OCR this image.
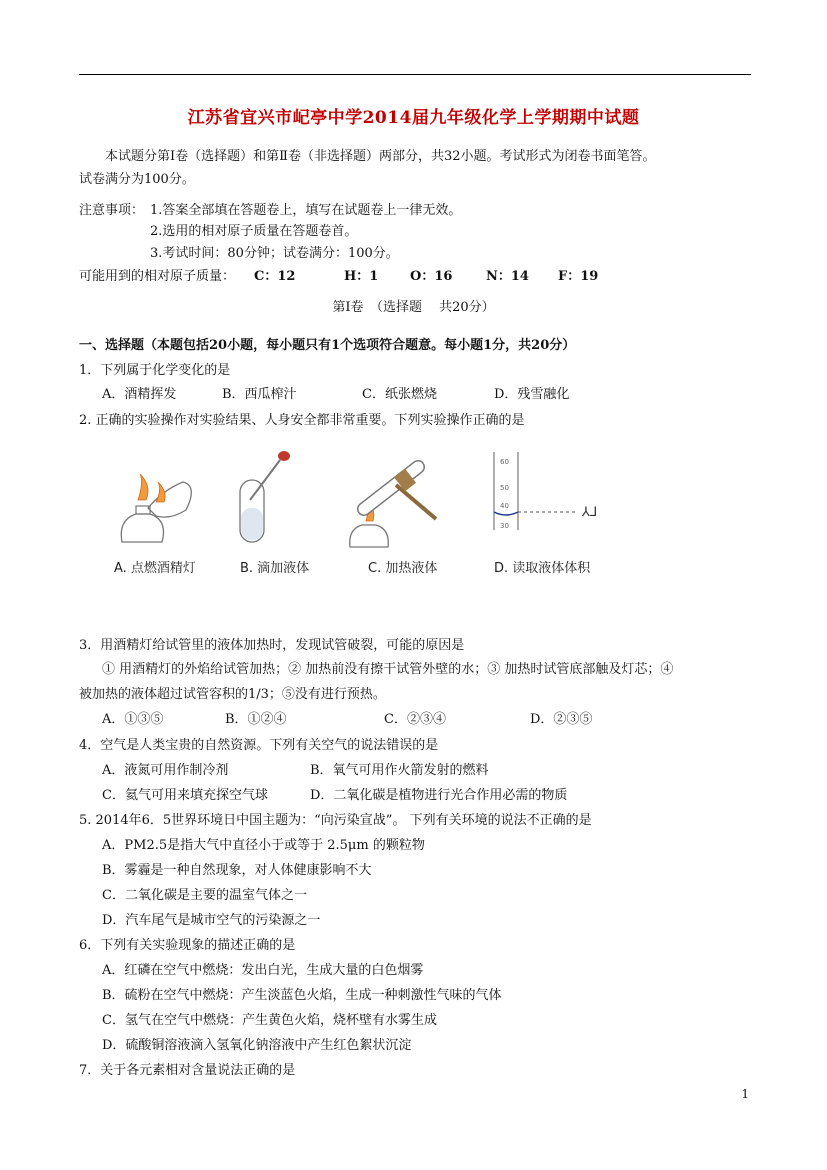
江苏省宜兴市屺亭中学2014届九年级化学上学期期中试题
本试题分第Ⅰ卷（选择题）和第Ⅱ卷（非选择题）两部分，共32小题。考试形式为闭卷书面笔答。
试卷满分为100分。
注意事项： 1.答案全部填在答题卷上，填写在试题卷上一律无效。
2.选用的相对原子质量在答题卷首。
3.考试时间：80分钟；试卷满分：100分。
可能用到的相对原子质量： C：12	H：1 O：16	N：14 F：19
第Ⅰ卷　（选择题　 共20分）
一、选择题（本题包括20小题，每小题只有1个选项符合题意。每小题1分，共20分）
1．下列属于化学变化的是
A．酒精挥发	B．西瓜榨汁	C．纸张燃烧	D．残雪融化
2. 正确的实验操作对实验结果、人身安全都非常重要。下列实验操作正确的是
⅄⅃
60
50
40
30
A. 点燃酒精灯	B. 滴加液体	C. 加热液体	D. 读取液体体积
3．用酒精灯给试管里的液体加热时，发现试管破裂，可能的原因是
① 用酒精灯的外焰给试管加热；② 加热前没有擦干试管外壁的水；③ 加热时试管底部触及灯芯；④
被加热的液体超过试管容积的1/3；⑤没有进行预热。
A．①③⑤	B．①②④	C．②③④	D．②③⑤
4．空气是人类宝贵的自然资源。下列有关空气的说法错误的是
A．液氮可用作制冷剂	B．氧气可用作火箭发射的燃料
C．氦气可用来填充探空气球	D．二氧化碳是植物进行光合作用必需的物质
5. 2014年6．5世界环境日中国主题为：“向污染宣战”。 下列有关环境的说法不正确的是
A．PM2.5是指大气中直径小于或等于 2.5μm 的颗粒物
B．雾霾是一种自然现象，对人体健康影响不大
C．二氧化碳是主要的温室气体之一
D．汽车尾气是城市空气的污染源之一
6．下列有关实验现象的描述正确的是
A．红磷在空气中燃烧：发出白光，生成大量的白色烟雾
B．硫粉在空气中燃烧：产生淡蓝色火焰，生成一种刺激性气味的气体
C．氢气在空气中燃烧：产生黄色火焰，烧杯壁有水雾生成
D．硫酸铜溶液滴入氢氧化钠溶液中产生红色絮状沉淀
7．关于各元素相对含量说法正确的是
1
